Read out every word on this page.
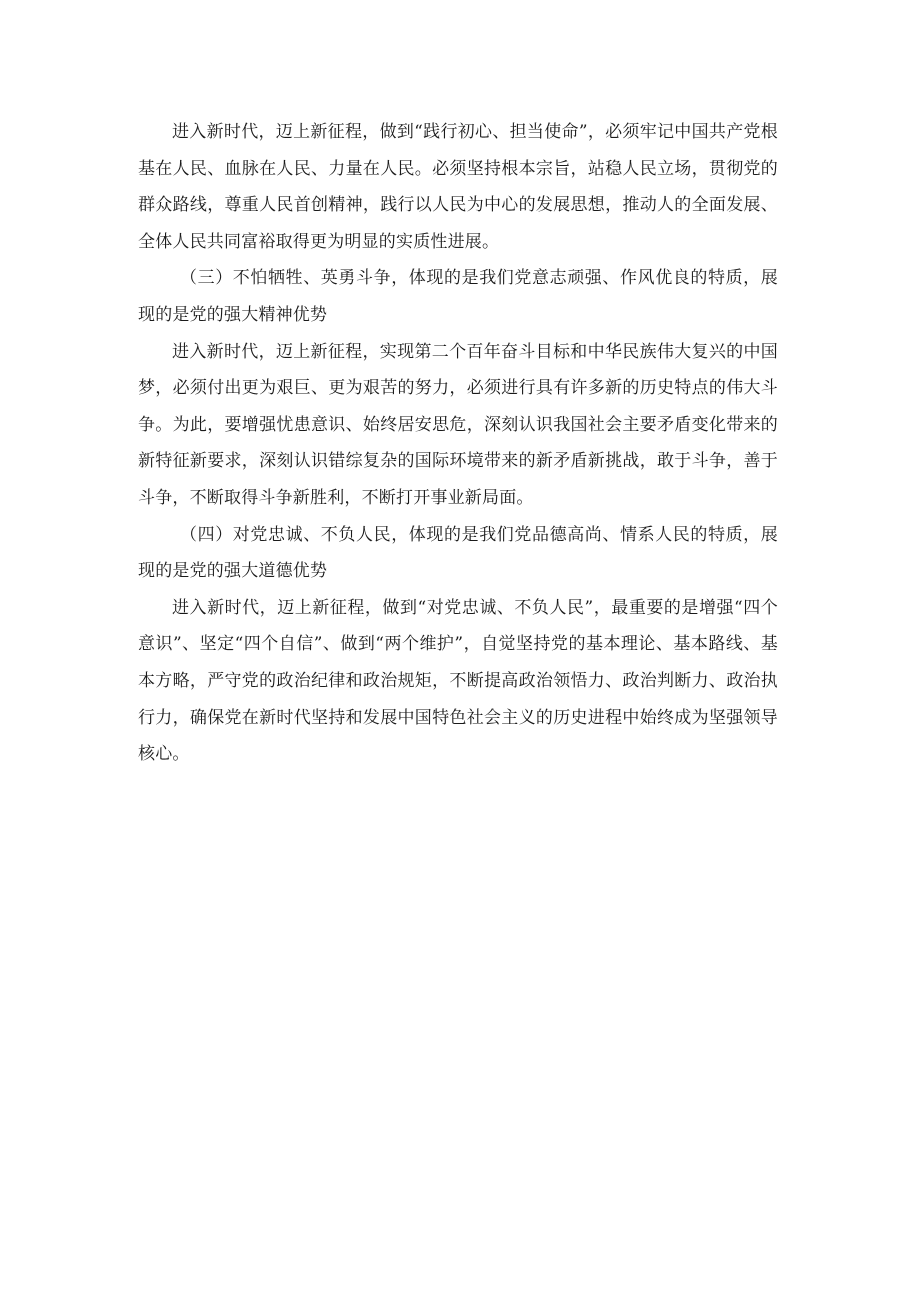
进入新时代，迈上新征程，做到“践行初心、担当使命”，必须牢记中国共产党根基在人民、血脉在人民、力量在人民。必须坚持根本宗旨，站稳人民立场，贯彻党的群众路线，尊重人民首创精神，践行以人民为中心的发展思想，推动人的全面发展、全体人民共同富裕取得更为明显的实质性进展。

（三）不怕牺牲、英勇斗争，体现的是我们党意志顽强、作风优良的特质，展现的是党的强大精神优势

进入新时代，迈上新征程，实现第二个百年奋斗目标和中华民族伟大复兴的中国梦，必须付出更为艰巨、更为艰苦的努力，必须进行具有许多新的历史特点的伟大斗争。为此，要增强忧患意识、始终居安思危，深刻认识我国社会主要矛盾变化带来的新特征新要求，深刻认识错综复杂的国际环境带来的新矛盾新挑战，敢于斗争，善于斗争，不断取得斗争新胜利，不断打开事业新局面。

（四）对党忠诚、不负人民，体现的是我们党品德高尚、情系人民的特质，展现的是党的强大道德优势

进入新时代，迈上新征程，做到“对党忠诚、不负人民”，最重要的是增强“四个意识”、坚定“四个自信”、做到“两个维护”，自觉坚持党的基本理论、基本路线、基本方略，严守党的政治纪律和政治规矩，不断提高政治领悟力、政治判断力、政治执行力，确保党在新时代坚持和发展中国特色社会主义的历史进程中始终成为坚强领导核心。
